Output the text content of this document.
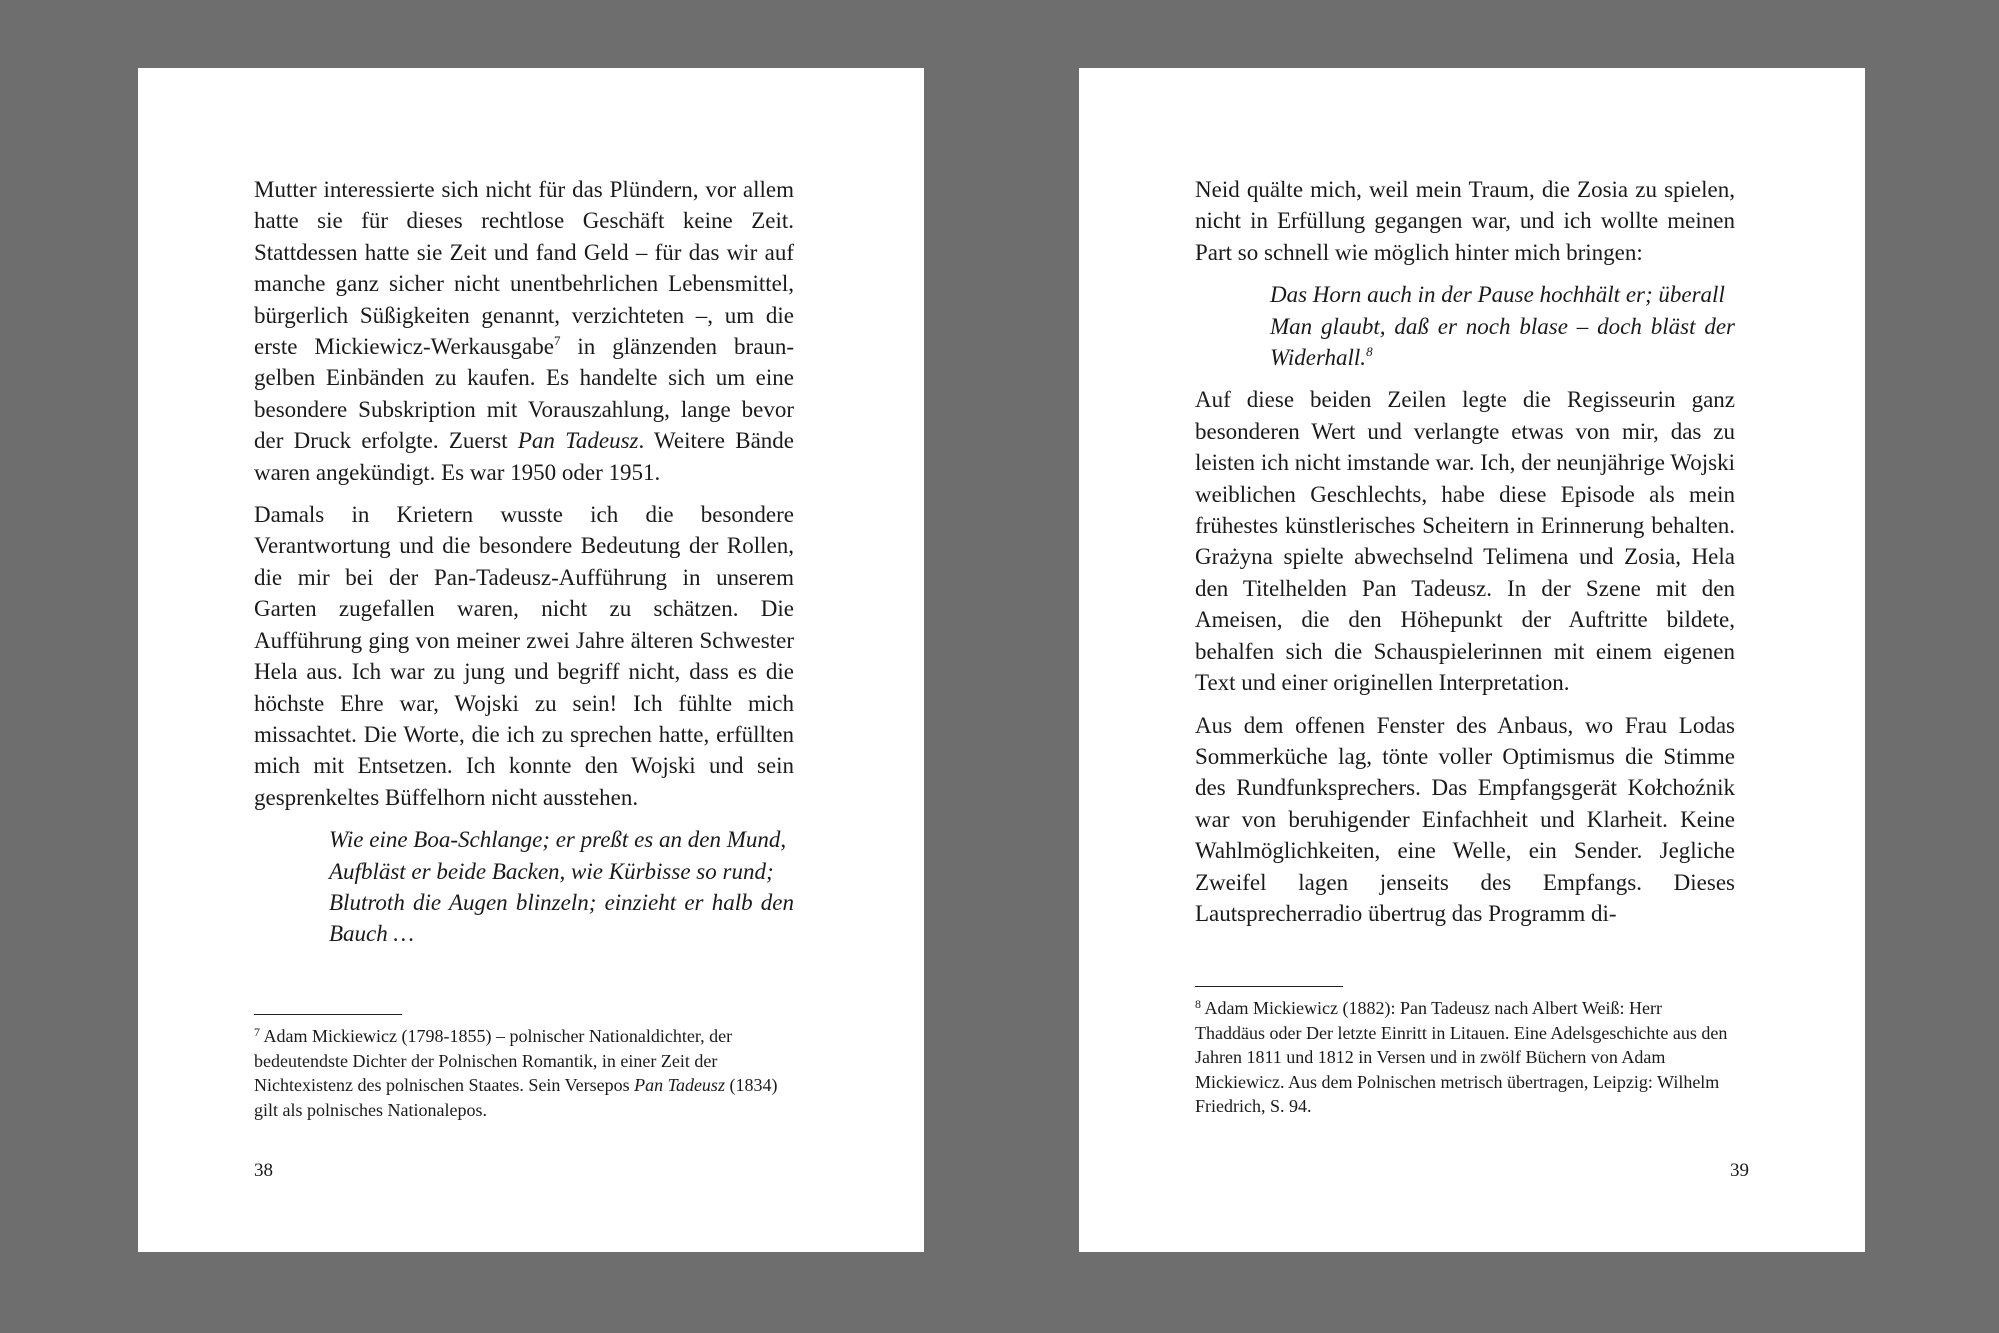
Mutter interessierte sich nicht für das Plündern, vor allem hatte sie für dieses rechtlose Geschäft keine Zeit. Stattdessen hatte sie Zeit und fand Geld – für das wir auf manche ganz sicher nicht unentbehrlichen Lebensmittel, bürgerlich Süßigkeiten genannt, verzichteten –, um die erste Mickiewicz-Werkausgabe$^7$ in glänzenden braun-gelben Einbänden zu kaufen. Es handelte sich um eine besondere Subskription mit Vorauszahlung, lange bevor der Druck erfolgte. Zuerst Pan Tadeusz. Weitere Bände waren angekündigt. Es war 1950 oder 1951.

Damals in Krietern wusste ich die besondere Verantwortung und die besondere Bedeutung der Rollen, die mir bei der Pan-Tadeusz-Aufführung in unserem Garten zugefallen waren, nicht zu schätzen. Die Aufführung ging von meiner zwei Jahre älteren Schwester Hela aus. Ich war zu jung und begriff nicht, dass es die höchste Ehre war, Wojski zu sein! Ich fühlte mich missachtet. Die Worte, die ich zu sprechen hatte, erfüllten mich mit Entsetzen. Ich konnte den Wojski und sein gesprenkeltes Büffelhorn nicht ausstehen.

Wie eine Boa-Schlange; er preßt es an den Mund,
Aufbläst er beide Backen, wie Kürbisse so rund;
Blutroth die Augen blinzeln; einzieht er halb den Bauch …
$^7$ Adam Mickiewicz (1798-1855) – polnischer Nationaldichter, der bedeutendste Dichter der Polnischen Romantik, in einer Zeit der Nichtexistenz des polnischen Staates. Sein Versepos Pan Tadeusz (1834) gilt als polnisches Nationalepos.
38

Neid quälte mich, weil mein Traum, die Zosia zu spielen, nicht in Erfüllung gegangen war, und ich wollte meinen Part so schnell wie möglich hinter mich bringen:

Das Horn auch in der Pause hochhält er; überall
Man glaubt, daß er noch blase – doch bläst der Widerhall.$^8$

Auf diese beiden Zeilen legte die Regisseurin ganz besonderen Wert und verlangte etwas von mir, das zu leisten ich nicht imstande war. Ich, der neunjährige Wojski weiblichen Geschlechts, habe diese Episode als mein frühestes künstlerisches Scheitern in Erinnerung behalten. Grażyna spielte abwechselnd Telimena und Zosia, Hela den Titelhelden Pan Tadeusz. In der Szene mit den Ameisen, die den Höhepunkt der Auftritte bildete, behalfen sich die Schauspielerinnen mit einem eigenen Text und einer originellen Interpretation.

Aus dem offenen Fenster des Anbaus, wo Frau Lodas Sommerküche lag, tönte voller Optimismus die Stimme des Rundfunksprechers. Das Empfangsgerät Kołchoźnik war von beruhigender Einfachheit und Klarheit. Keine Wahlmöglichkeiten, eine Welle, ein Sender. Jegliche Zweifel lagen jenseits des Empfangs. Dieses Lautsprecherradio übertrug das Programm di-

$^8$ Adam Mickiewicz (1882): Pan Tadeusz nach Albert Weiß: Herr Thaddäus oder Der letzte Einritt in Litauen. Eine Adelsgeschichte aus den Jahren 1811 und 1812 in Versen und in zwölf Büchern von Adam Mickiewicz. Aus dem Polnischen metrisch übertragen, Leipzig: Wilhelm Friedrich, S. 94.
39
